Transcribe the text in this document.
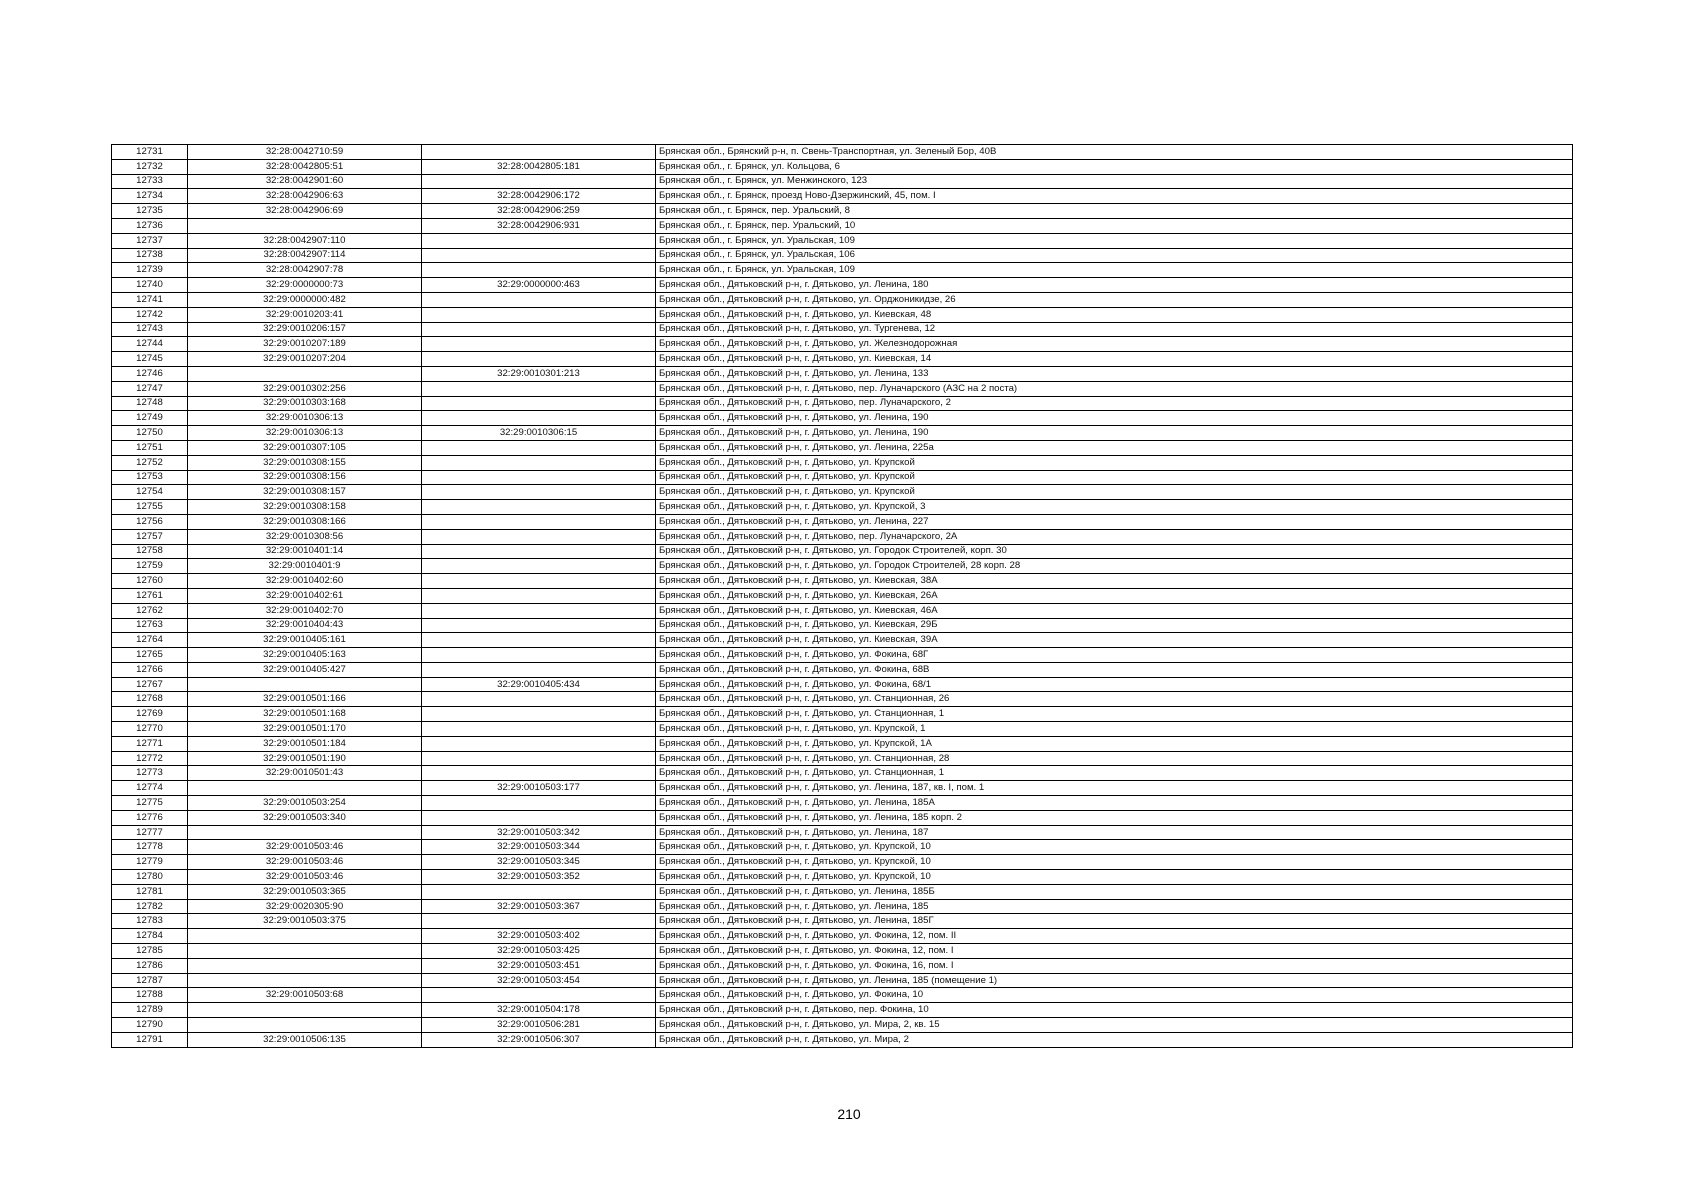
12731	32:28:0042710:59		Брянская обл., Брянский р-н, п. Свень-Транспортная, ул. Зеленый Бор, 40В
12732	32:28:0042805:51	32:28:0042805:181	Брянская обл., г. Брянск, ул. Кольцова, 6
12733	32:28:0042901:60		Брянская обл., г. Брянск, ул. Менжинского, 123
12734	32:28:0042906:63	32:28:0042906:172	Брянская обл., г. Брянск, проезд Ново-Дзержинский, 45, пом. I
12735	32:28:0042906:69	32:28:0042906:259	Брянская обл., г. Брянск, пер. Уральский, 8
12736		32:28:0042906:931	Брянская обл., г. Брянск, пер. Уральский, 10
12737	32:28:0042907:110		Брянская обл., г. Брянск, ул. Уральская, 109
12738	32:28:0042907:114		Брянская обл., г. Брянск, ул. Уральская, 106
12739	32:28:0042907:78		Брянская обл., г. Брянск, ул. Уральская, 109
12740	32:29:0000000:73	32:29:0000000:463	Брянская обл., Дятьковский р-н, г. Дятьково, ул. Ленина, 180
12741	32:29:0000000:482		Брянская обл., Дятьковский р-н, г. Дятьково, ул. Орджоникидзе, 26
12742	32:29:0010203:41		Брянская обл., Дятьковский р-н, г. Дятьково, ул. Киевская, 48
12743	32:29:0010206:157		Брянская обл., Дятьковский р-н, г. Дятьково, ул. Тургенева, 12
12744	32:29:0010207:189		Брянская обл., Дятьковский р-н, г. Дятьково, ул. Железнодорожная
12745	32:29:0010207:204		Брянская обл., Дятьковский р-н, г. Дятьково, ул. Киевская, 14
12746		32:29:0010301:213	Брянская обл., Дятьковский р-н, г. Дятьково, ул. Ленина, 133
12747	32:29:0010302:256		Брянская обл., Дятьковский р-н, г. Дятьково, пер. Луначарского (АЗС на 2 поста)
12748	32:29:0010303:168		Брянская обл., Дятьковский р-н, г. Дятьково, пер. Луначарского, 2
12749	32:29:0010306:13		Брянская обл., Дятьковский р-н, г. Дятьково, ул. Ленина, 190
12750	32:29:0010306:13	32:29:0010306:15	Брянская обл., Дятьковский р-н, г. Дятьково, ул. Ленина, 190
12751	32:29:0010307:105		Брянская обл., Дятьковский р-н, г. Дятьково, ул. Ленина, 225а
12752	32:29:0010308:155		Брянская обл., Дятьковский р-н, г. Дятьково, ул. Крупской
12753	32:29:0010308:156		Брянская обл., Дятьковский р-н, г. Дятьково, ул. Крупской
12754	32:29:0010308:157		Брянская обл., Дятьковский р-н, г. Дятьково, ул. Крупской
12755	32:29:0010308:158		Брянская обл., Дятьковский р-н, г. Дятьково, ул. Крупской, 3
12756	32:29:0010308:166		Брянская обл., Дятьковский р-н, г. Дятьково, ул. Ленина, 227
12757	32:29:0010308:56		Брянская обл., Дятьковский р-н, г. Дятьково, пер. Луначарского, 2А
12758	32:29:0010401:14		Брянская обл., Дятьковский р-н, г. Дятьково, ул. Городок Строителей, корп. 30
12759	32:29:0010401:9		Брянская обл., Дятьковский р-н, г. Дятьково, ул. Городок Строителей, 28 корп. 28
12760	32:29:0010402:60		Брянская обл., Дятьковский р-н, г. Дятьково, ул. Киевская, 38А
12761	32:29:0010402:61		Брянская обл., Дятьковский р-н, г. Дятьково, ул. Киевская, 26А
12762	32:29:0010402:70		Брянская обл., Дятьковский р-н, г. Дятьково, ул. Киевская, 46А
12763	32:29:0010404:43		Брянская обл., Дятьковский р-н, г. Дятьково, ул. Киевская, 29Б
12764	32:29:0010405:161		Брянская обл., Дятьковский р-н, г. Дятьково, ул. Киевская, 39А
12765	32:29:0010405:163		Брянская обл., Дятьковский р-н, г. Дятьково, ул. Фокина, 68Г
12766	32:29:0010405:427		Брянская обл., Дятьковский р-н, г. Дятьково, ул. Фокина, 68В
12767		32:29:0010405:434	Брянская обл., Дятьковский р-н, г. Дятьково, ул. Фокина, 68/1
12768	32:29:0010501:166		Брянская обл., Дятьковский р-н, г. Дятьково, ул. Станционная, 26
12769	32:29:0010501:168		Брянская обл., Дятьковский р-н, г. Дятьково, ул. Станционная, 1
12770	32:29:0010501:170		Брянская обл., Дятьковский р-н, г. Дятьково, ул. Крупской, 1
12771	32:29:0010501:184		Брянская обл., Дятьковский р-н, г. Дятьково, ул. Крупской, 1А
12772	32:29:0010501:190		Брянская обл., Дятьковский р-н, г. Дятьково, ул. Станционная, 28
12773	32:29:0010501:43		Брянская обл., Дятьковский р-н, г. Дятьково, ул. Станционная, 1
12774		32:29:0010503:177	Брянская обл., Дятьковский р-н, г. Дятьково, ул. Ленина, 187, кв. I, пом. 1
12775	32:29:0010503:254		Брянская обл., Дятьковский р-н, г. Дятьково, ул. Ленина, 185А
12776	32:29:0010503:340		Брянская обл., Дятьковский р-н, г. Дятьково, ул. Ленина, 185 корп. 2
12777		32:29:0010503:342	Брянская обл., Дятьковский р-н, г. Дятьково, ул. Ленина, 187
12778	32:29:0010503:46	32:29:0010503:344	Брянская обл., Дятьковский р-н, г. Дятьково, ул. Крупской, 10
12779	32:29:0010503:46	32:29:0010503:345	Брянская обл., Дятьковский р-н, г. Дятьково, ул. Крупской, 10
12780	32:29:0010503:46	32:29:0010503:352	Брянская обл., Дятьковский р-н, г. Дятьково, ул. Крупской, 10
12781	32:29:0010503:365		Брянская обл., Дятьковский р-н, г. Дятьково, ул. Ленина, 185Б
12782	32:29:0020305:90	32:29:0010503:367	Брянская обл., Дятьковский р-н, г. Дятьково, ул. Ленина, 185
12783	32:29:0010503:375		Брянская обл., Дятьковский р-н, г. Дятьково, ул. Ленина, 185Г
12784		32:29:0010503:402	Брянская обл., Дятьковский р-н, г. Дятьково, ул. Фокина, 12, пом. II
12785		32:29:0010503:425	Брянская обл., Дятьковский р-н, г. Дятьково, ул. Фокина, 12, пом. I
12786		32:29:0010503:451	Брянская обл., Дятьковский р-н, г. Дятьково, ул. Фокина, 16, пом. I
12787		32:29:0010503:454	Брянская обл., Дятьковский р-н, г. Дятьково, ул. Ленина, 185 (помещение 1)
12788	32:29:0010503:68		Брянская обл., Дятьковский р-н, г. Дятьково, ул. Фокина, 10
12789		32:29:0010504:178	Брянская обл., Дятьковский р-н, г. Дятьково, пер. Фокина, 10
12790		32:29:0010506:281	Брянская обл., Дятьковский р-н, г. Дятьково, ул. Мира, 2, кв. 15
12791	32:29:0010506:135	32:29:0010506:307	Брянская обл., Дятьковский р-н, г. Дятьково, ул. Мира, 2
210
